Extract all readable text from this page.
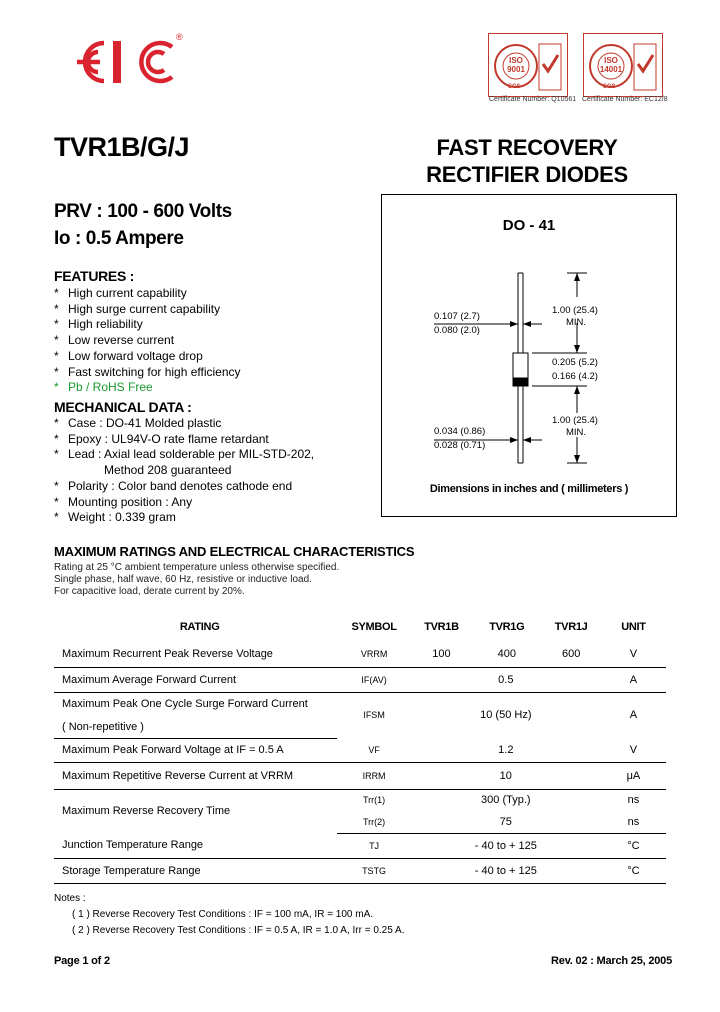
®
ISO 9001
SGS
Certificate Number: Q10561
ISO 14001
SGS
Certificate Number: EC12/8
TVR1B/G/J	FAST RECOVERY
RECTIFIER DIODES
PRV : 100 - 600 Volts
Io : 0.5 Ampere
FEATURES :
* High current capability
* High surge current capability
* High reliability
* Low reverse current
* Low forward voltage drop
* Fast switching for high efficiency
* Pb / RoHS Free
MECHANICAL DATA :
* Case : DO-41 Molded plastic
* Epoxy : UL94V-O rate flame retardant
* Lead : Axial lead solderable per MIL-STD-202,
Method 208 guaranteed
* Polarity : Color band denotes cathode end
* Mounting position : Any
* Weight : 0.339 gram
DO - 41
0.107 (2.7)
0.080 (2.0)
1.00 (25.4)
MIN.
0.205 (5.2)
0.166 (4.2)
0.034 (0.86)
0.028 (0.71)
1.00 (25.4)
MIN.
Dimensions in inches and ( millimeters )
MAXIMUM RATINGS AND ELECTRICAL CHARACTERISTICS
Rating at 25 °C ambient temperature unless otherwise specified.
Single phase, half wave, 60 Hz, resistive or inductive load.
For capacitive load, derate current by 20%.
RATING	SYMBOL	TVR1B	TVR1G	TVR1J	UNIT
Maximum Recurrent Peak Reverse Voltage	VRRM	100	400	600	V
Maximum Average Forward Current	IF(AV)	0.5			A
Maximum Peak One Cycle Surge Forward Current	IFSM	10 (50 Hz)			A
( Non-repetitive )					
Maximum Peak Forward Voltage at IF = 0.5 A	VF	1.2			V
Maximum Repetitive Reverse Current at VRRM	IRRM	10			μA
Maximum Reverse Recovery Time	Trr(1)	300 (Typ.)			ns
	Trr(2)	75			ns
Junction Temperature Range	TJ	- 40 to + 125			°C
Storage Temperature Range	TSTG	- 40 to + 125			°C
Notes :
( 1 ) Reverse Recovery Test Conditions : IF = 100 mA, IR = 100 mA.
( 2 ) Reverse Recovery Test Conditions : IF = 0.5 A, IR = 1.0 A, Irr = 0.25 A.
Page 1 of 2	Rev. 02 : March 25, 2005
